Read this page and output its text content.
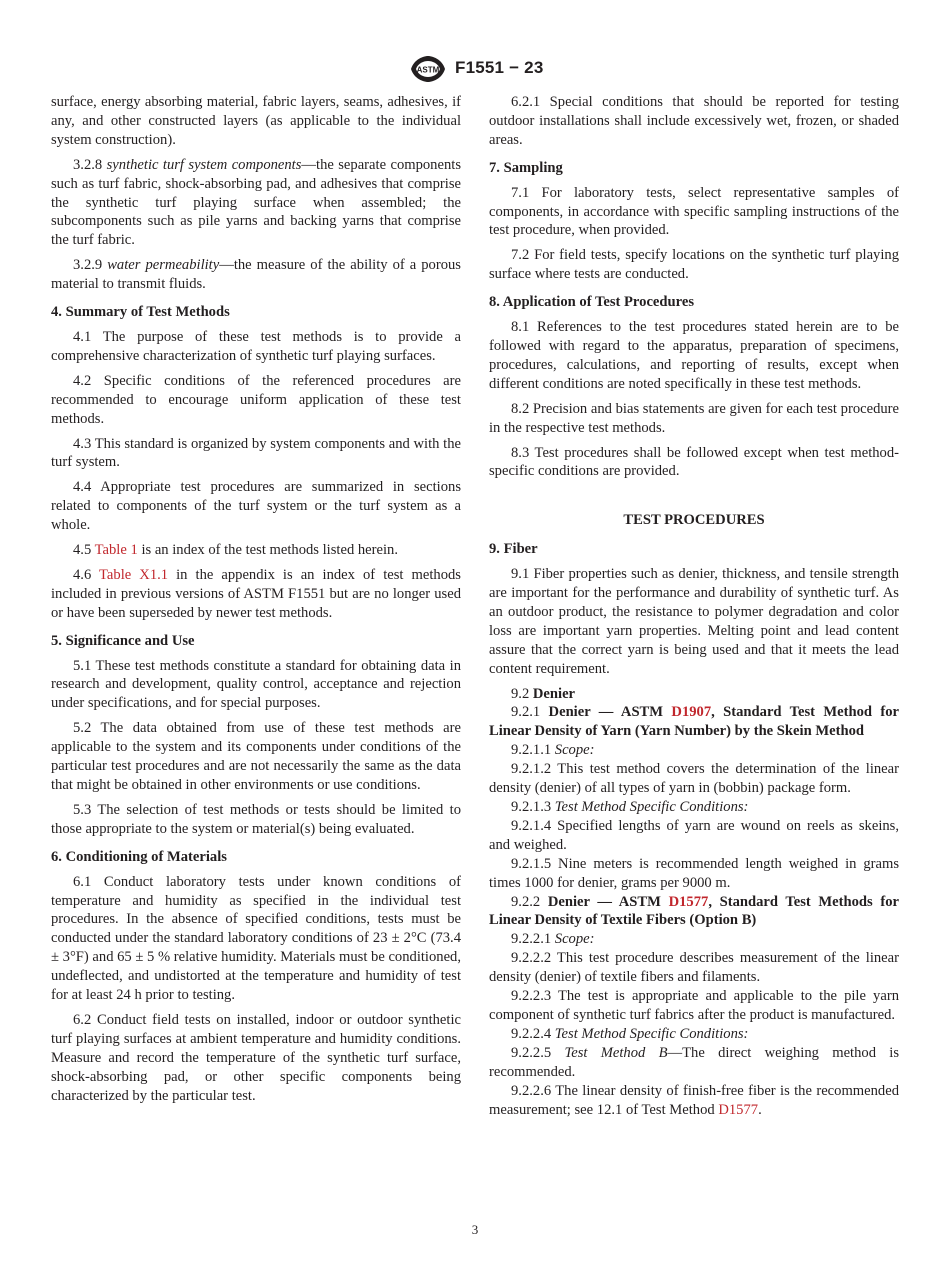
ASTM F1551 − 23

surface, energy absorbing material, fabric layers, seams, adhesives, if any, and other constructed layers (as applicable to the individual system construction).

3.2.8 synthetic turf system components—the separate components such as turf fabric, shock-absorbing pad, and adhesives that comprise the synthetic turf playing surface when assembled; the subcomponents such as pile yarns and backing yarns that comprise the turf fabric.

3.2.9 water permeability—the measure of the ability of a porous material to transmit fluids.

4. Summary of Test Methods

4.1 The purpose of these test methods is to provide a comprehensive characterization of synthetic turf playing surfaces.

4.2 Specific conditions of the referenced procedures are recommended to encourage uniform application of these test methods.

4.3 This standard is organized by system components and with the turf system.

4.4 Appropriate test procedures are summarized in sections related to components of the turf system or the turf system as a whole.

4.5 Table 1 is an index of the test methods listed herein.

4.6 Table X1.1 in the appendix is an index of test methods included in previous versions of ASTM F1551 but are no longer used or have been superseded by newer test methods.

5. Significance and Use

5.1 These test methods constitute a standard for obtaining data in research and development, quality control, acceptance and rejection under specifications, and for special purposes.

5.2 The data obtained from use of these test methods are applicable to the system and its components under conditions of the particular test procedures and are not necessarily the same as the data that might be obtained in other environments or use conditions.

5.3 The selection of test methods or tests should be limited to those appropriate to the system or material(s) being evaluated.

6. Conditioning of Materials

6.1 Conduct laboratory tests under known conditions of temperature and humidity as specified in the individual test procedures. In the absence of specified conditions, tests must be conducted under the standard laboratory conditions of 23 ± 2°C (73.4 ± 3°F) and 65 ± 5 % relative humidity. Materials must be conditioned, undeflected, and undistorted at the temperature and humidity of test for at least 24 h prior to testing.

6.2 Conduct field tests on installed, indoor or outdoor synthetic turf playing surfaces at ambient temperature and humidity conditions. Measure and record the temperature of the synthetic turf surface, shock-absorbing pad, or other specific components being characterized by the particular test.

6.2.1 Special conditions that should be reported for testing outdoor installations shall include excessively wet, frozen, or shaded areas.

7. Sampling

7.1 For laboratory tests, select representative samples of components, in accordance with specific sampling instructions of the test procedure, when provided.

7.2 For field tests, specify locations on the synthetic turf playing surface where tests are conducted.

8. Application of Test Procedures

8.1 References to the test procedures stated herein are to be followed with regard to the apparatus, preparation of specimens, procedures, calculations, and reporting of results, except when different conditions are noted specifically in these test methods.

8.2 Precision and bias statements are given for each test procedure in the respective test methods.

8.3 Test procedures shall be followed except when test method-specific conditions are provided.

TEST PROCEDURES
9. Fiber

9.1 Fiber properties such as denier, thickness, and tensile strength are important for the performance and durability of synthetic turf. As an outdoor product, the resistance to polymer degradation and color loss are important yarn properties. Melting point and lead content assure that the correct yarn is being used and that it meets the lead content requirement.

9.2 Denier

9.2.1 Denier — ASTM D1907, Standard Test Method for Linear Density of Yarn (Yarn Number) by the Skein Method

9.2.1.1 Scope:

9.2.1.2 This test method covers the determination of the linear density (denier) of all types of yarn in (bobbin) package form.

9.2.1.3 Test Method Specific Conditions:

9.2.1.4 Specified lengths of yarn are wound on reels as skeins, and weighed.

9.2.1.5 Nine meters is recommended length weighed in grams times 1000 for denier, grams per 9000 m.

9.2.2 Denier — ASTM D1577, Standard Test Methods for Linear Density of Textile Fibers (Option B)

9.2.2.1 Scope:

9.2.2.2 This test procedure describes measurement of the linear density (denier) of textile fibers and filaments.

9.2.2.3 The test is appropriate and applicable to the pile yarn component of synthetic turf fabrics after the product is manufactured.

9.2.2.4 Test Method Specific Conditions:

9.2.2.5 Test Method B—The direct weighing method is recommended.

9.2.2.6 The linear density of finish-free fiber is the recommended measurement; see 12.1 of Test Method D1577.

3
